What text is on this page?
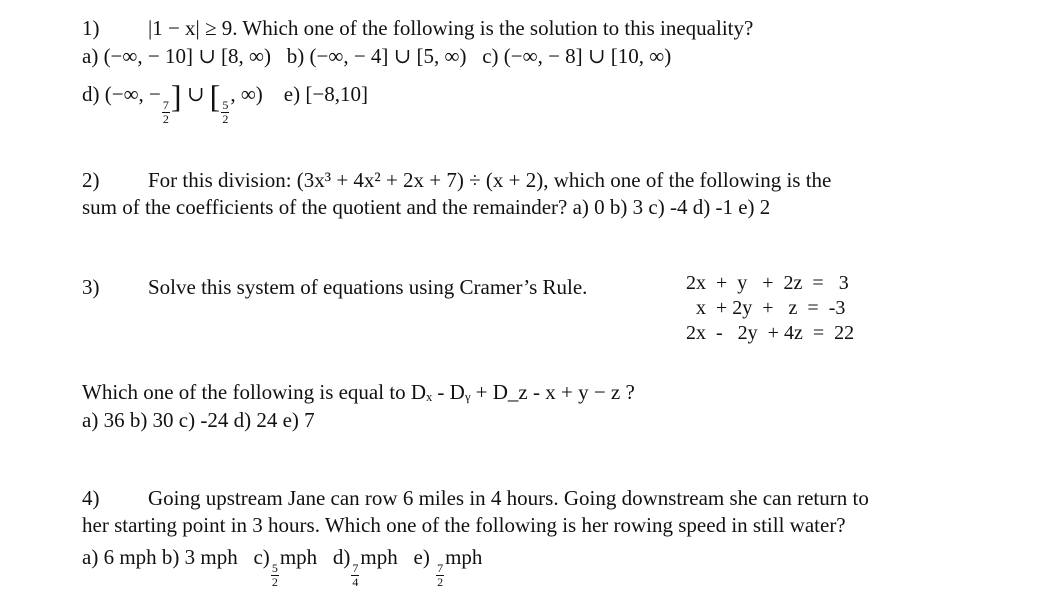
1) |1 − x| ≥ 9. Which one of the following is the solution to this inequality?
a) (−∞, − 10] ∪ [8, ∞) b) (−∞, − 4] ∪ [5, ∞) c) (−∞, − 8] ∪ [10, ∞)
d) (−∞, −
$\frac{7}{2}$ ] ∪ [ $\frac{5}{2}$
, ∞) e) [−8,10]
2) For this division: (3x³ + 4x² + 2x + 7) ÷ (x + 2), which one of the following is the
sum of the coefficients of the quotient and the remainder? a) 0 b) 3 c) -4 d) -1 e) 2
3) Solve this system of equations using Cramer’s Rule.	2x  +  y   +  2z  =   3
x  + 2y  +   z  =  -3
2x  -   2y  + 4z  =  22
Which one of the following is equal to Dₓ - Dᵧ + D_z - x + y − z ?
a) 36 b) 30 c) -24 d) 24 e) 7
4) Going upstream Jane can row 6 miles in 4 hours. Going downstream she can return to
her starting point in 3 hours. Which one of the following is her rowing speed in still water?
a) 6 mph b) 3 mph c)
$\frac{5}{2}$
mph d)
$\frac{7}{4}$
mph e)
$\frac{7}{2}$
mph
